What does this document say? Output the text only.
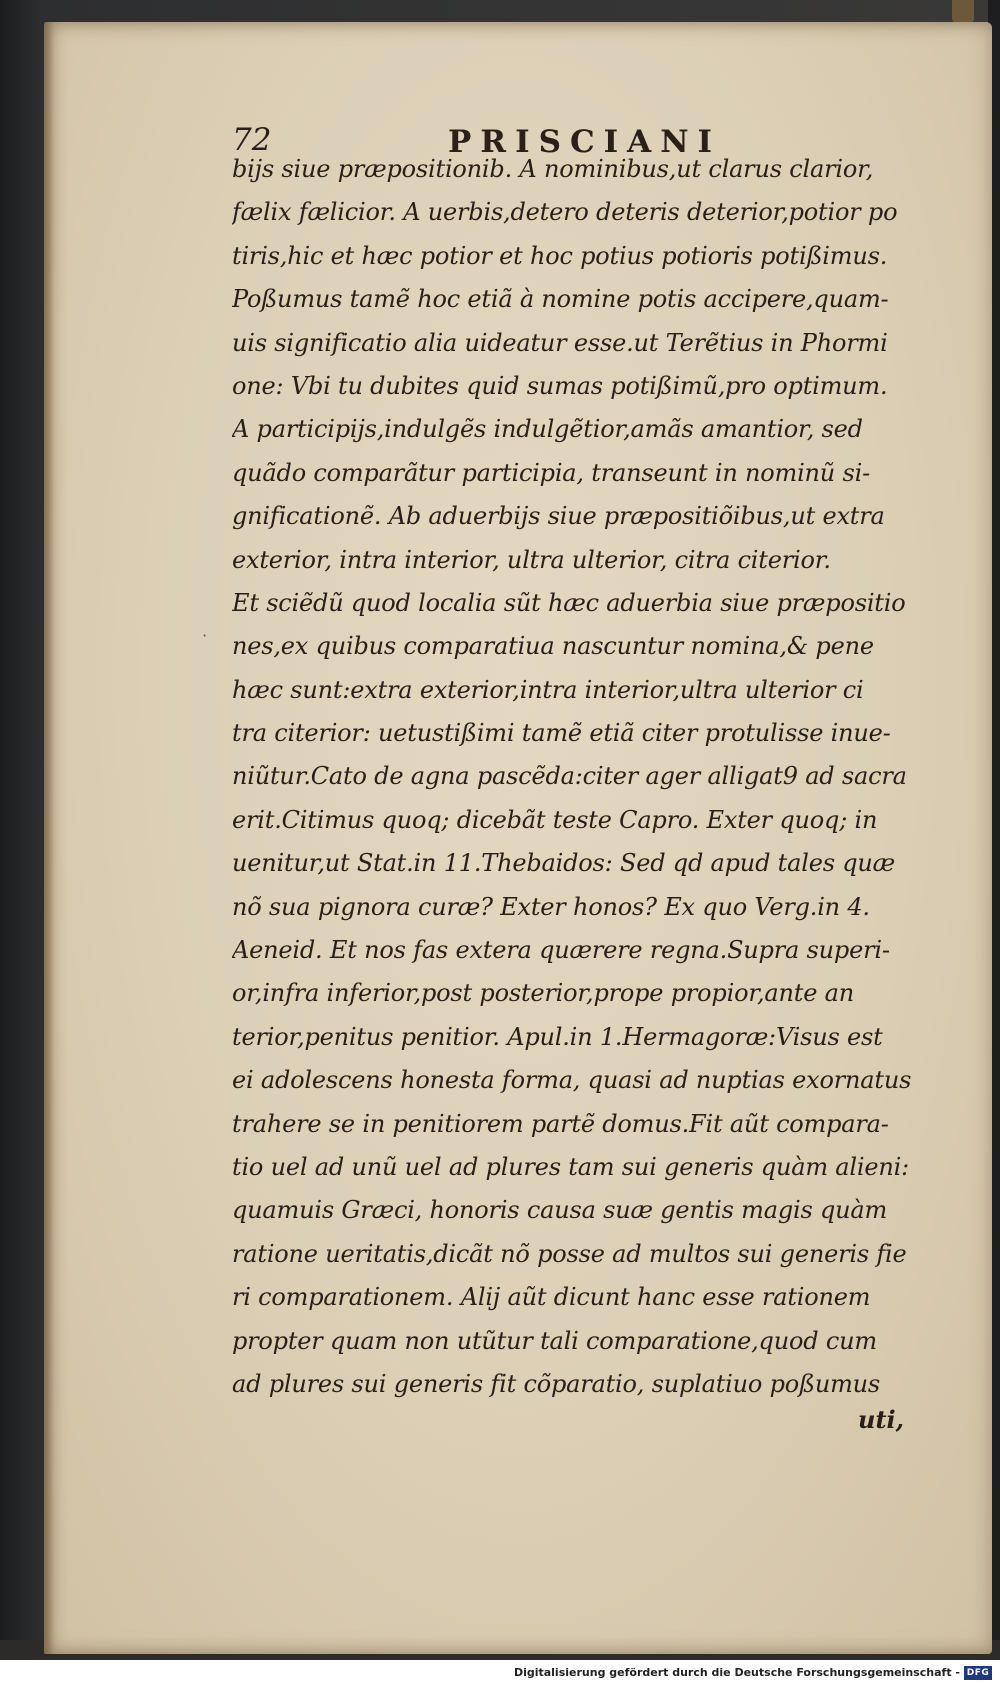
72	PRISCIANI
·
bijs siue præpositionib. A nominibus,ut clarus clarior,
fælix fælicior. A uerbis,detero deteris deterior,potior po
tiris,hic et hæc potior et hoc potius potioris potißimus.
Poßumus tamẽ hoc etiã à nomine potis accipere,quam-
uis significatio alia uideatur esse.ut Terẽtius in Phormi
one: Vbi tu dubites quid sumas potißimũ,pro optimum.
A participijs,indulgẽs indulgẽtior,amãs amantior, sed
quãdo comparãtur participia, transeunt in nominũ si-
gnificationẽ. Ab aduerbijs siue præpositiõibus,ut extra
exterior, intra interior, ultra ulterior, citra citerior.
Et sciẽdũ quod localia sũt hæc aduerbia siue præpositio
nes,ex quibus comparatiua nascuntur nomina,& pene
hæc sunt:extra exterior,intra interior,ultra ulterior ci
tra citerior: uetustißimi tamẽ etiã citer protulisse inue-
niũtur.Cato de agna pascẽda:citer ager alligat9 ad sacra
erit.Citimus quoq; dicebãt teste Capro. Exter quoq; in
uenitur,ut Stat.in 11.Thebaidos: Sed qd apud tales quæ
nõ sua pignora curæ? Exter honos? Ex quo Verg.in 4.
Aeneid. Et nos fas extera quærere regna.Supra superi-
or,infra inferior,post posterior,prope propior,ante an
terior,penitus penitior. Apul.in 1.Hermagoræ:Visus est
ei adolescens honesta forma, quasi ad nuptias exornatus
trahere se in penitiorem partẽ domus.Fit aũt compara-
tio uel ad unũ uel ad plures tam sui generis quàm alieni:
quamuis Græci, honoris causa suæ gentis magis quàm
ratione ueritatis,dicãt nõ posse ad multos sui generis fie
ri comparationem. Alij aũt dicunt hanc esse rationem
propter quam non utũtur tali comparatione,quod cum
ad plures sui generis fit cõparatio, suplatiuo poßumus
uti,
Digitalisierung gefördert durch die Deutsche Forschungsgemeinschaft - DFG
